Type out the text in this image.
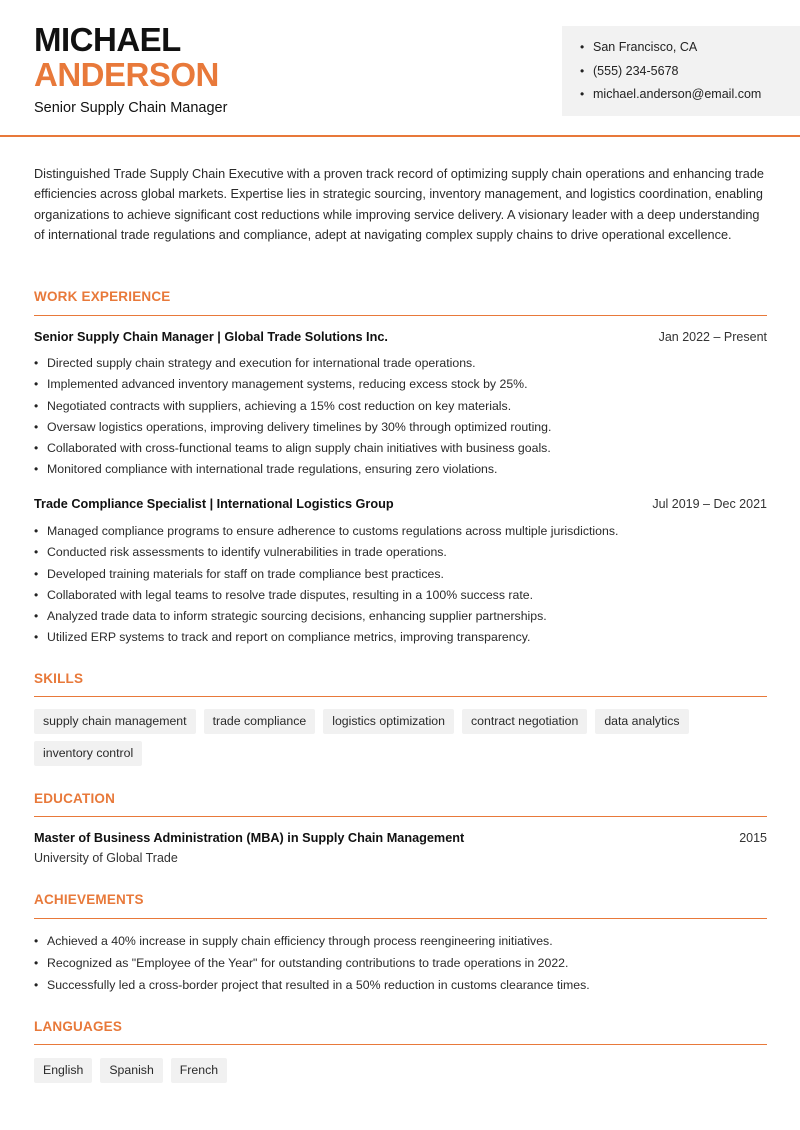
MICHAEL
ANDERSON
Senior Supply Chain Manager
• San Francisco, CA
• (555) 234-5678
• michael.anderson@email.com

Distinguished Trade Supply Chain Executive with a proven track record of optimizing supply chain operations and enhancing trade efficiencies across global markets. Expertise lies in strategic sourcing, inventory management, and logistics coordination, enabling organizations to achieve significant cost reductions while improving service delivery. A visionary leader with a deep understanding of international trade regulations and compliance, adept at navigating complex supply chains to drive operational excellence.

WORK EXPERIENCE
Senior Supply Chain Manager | Global Trade Solutions Inc.	Jan 2022 – Present
• Directed supply chain strategy and execution for international trade operations.
• Implemented advanced inventory management systems, reducing excess stock by 25%.
• Negotiated contracts with suppliers, achieving a 15% cost reduction on key materials.
• Oversaw logistics operations, improving delivery timelines by 30% through optimized routing.
• Collaborated with cross-functional teams to align supply chain initiatives with business goals.
• Monitored compliance with international trade regulations, ensuring zero violations.
Trade Compliance Specialist | International Logistics Group	Jul 2019 – Dec 2021
• Managed compliance programs to ensure adherence to customs regulations across multiple jurisdictions.
• Conducted risk assessments to identify vulnerabilities in trade operations.
• Developed training materials for staff on trade compliance best practices.
• Collaborated with legal teams to resolve trade disputes, resulting in a 100% success rate.
• Analyzed trade data to inform strategic sourcing decisions, enhancing supplier partnerships.
• Utilized ERP systems to track and report on compliance metrics, improving transparency.
SKILLS
supply chain management	trade compliance	logistics optimization	contract negotiation	data analytics
inventory control
EDUCATION
Master of Business Administration (MBA) in Supply Chain Management	2015
University of Global Trade
ACHIEVEMENTS
• Achieved a 40% increase in supply chain efficiency through process reengineering initiatives.
• Recognized as "Employee of the Year" for outstanding contributions to trade operations in 2022.
• Successfully led a cross-border project that resulted in a 50% reduction in customs clearance times.
LANGUAGES
English	Spanish	French
